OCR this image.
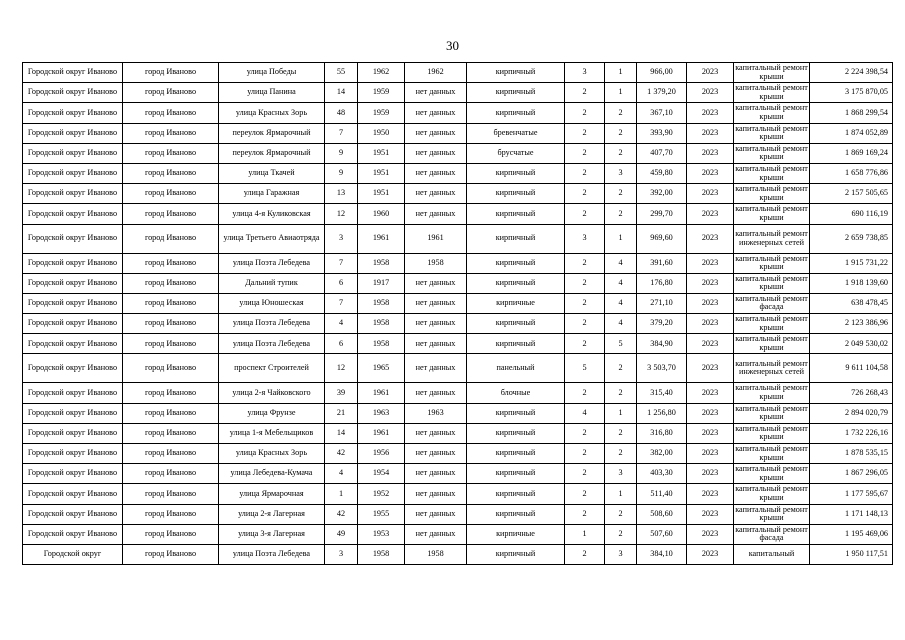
30
Городской округ Иваново	город Иваново	улица Победы	55	1962	1962	кирпичный	3	1	966,00	2023	капитальный ремонт крыши	2 224 398,54
Городской округ Иваново	город Иваново	улица Панина	14	1959	нет данных	кирпичный	2	1	1 379,20	2023	капитальный ремонт крыши	3 175 870,05
Городской округ Иваново	город Иваново	улица Красных Зорь	48	1959	нет данных	кирпичный	2	2	367,10	2023	капитальный ремонт крыши	1 868 299,54
Городской округ Иваново	город Иваново	переулок Ярмарочный	7	1950	нет данных	бревенчатые	2	2	393,90	2023	капитальный ремонт крыши	1 874 052,89
Городской округ Иваново	город Иваново	переулок Ярмарочный	9	1951	нет данных	брусчатые	2	2	407,70	2023	капитальный ремонт крыши	1 869 169,24
Городской округ Иваново	город Иваново	улица Ткачей	9	1951	нет данных	кирпичный	2	3	459,80	2023	капитальный ремонт крыши	1 658 776,86
Городской округ Иваново	город Иваново	улица Гаражная	13	1951	нет данных	кирпичный	2	2	392,00	2023	капитальный ремонт крыши	2 157 505,65
Городской округ Иваново	город Иваново	улица 4-я Куликовская	12	1960	нет данных	кирпичный	2	2	299,70	2023	капитальный ремонт крыши	690 116,19
Городской округ Иваново	город Иваново	улица Третьего Авиаотряда	3	1961	1961	кирпичный	3	1	969,60	2023	капитальный ремонт инженерных сетей	2 659 738,85
Городской округ Иваново	город Иваново	улица Поэта Лебедева	7	1958	1958	кирпичный	2	4	391,60	2023	капитальный ремонт крыши	1 915 731,22
Городской округ Иваново	город Иваново	Дальний тупик	6	1917	нет данных	кирпичный	2	4	176,80	2023	капитальный ремонт крыши	1 918 139,60
Городской округ Иваново	город Иваново	улица Юношеская	7	1958	нет данных	кирпичные	2	4	271,10	2023	капитальный ремонт фасада	638 478,45
Городской округ Иваново	город Иваново	улица Поэта Лебедева	4	1958	нет данных	кирпичный	2	4	379,20	2023	капитальный ремонт крыши	2 123 386,96
Городской округ Иваново	город Иваново	улица Поэта Лебедева	6	1958	нет данных	кирпичный	2	5	384,90	2023	капитальный ремонт крыши	2 049 530,02
Городской округ Иваново	город Иваново	проспект Строителей	12	1965	нет данных	панельный	5	2	3 503,70	2023	капитальный ремонт инженерных сетей	9 611 104,58
Городской округ Иваново	город Иваново	улица 2-я Чайковского	39	1961	нет данных	блочные	2	2	315,40	2023	капитальный ремонт крыши	726 268,43
Городской округ Иваново	город Иваново	улица Фрунзе	21	1963	1963	кирпичный	4	1	1 256,80	2023	капитальный ремонт крыши	2 894 020,79
Городской округ Иваново	город Иваново	улица 1-я Мебельщиков	14	1961	нет данных	кирпичный	2	2	316,80	2023	капитальный ремонт крыши	1 732 226,16
Городской округ Иваново	город Иваново	улица Красных Зорь	42	1956	нет данных	кирпичный	2	2	382,00	2023	капитальный ремонт крыши	1 878 535,15
Городской округ Иваново	город Иваново	улица Лебедева-Кумача	4	1954	нет данных	кирпичный	2	3	403,30	2023	капитальный ремонт крыши	1 867 296,05
Городской округ Иваново	город Иваново	улица Ярмарочная	1	1952	нет данных	кирпичный	2	1	511,40	2023	капитальный ремонт крыши	1 177 595,67
Городской округ Иваново	город Иваново	улица 2-я Лагерная	42	1955	нет данных	кирпичный	2	2	508,60	2023	капитальный ремонт крыши	1 171 148,13
Городской округ Иваново	город Иваново	улица 3-я Лагерная	49	1953	нет данных	кирпичные	1	2	507,60	2023	капитальный ремонт фасада	1 195 469,06
Городской округ	город Иваново	улица Поэта Лебедева	3	1958	1958	кирпичный	2	3	384,10	2023	капитальный	1 950 117,51
